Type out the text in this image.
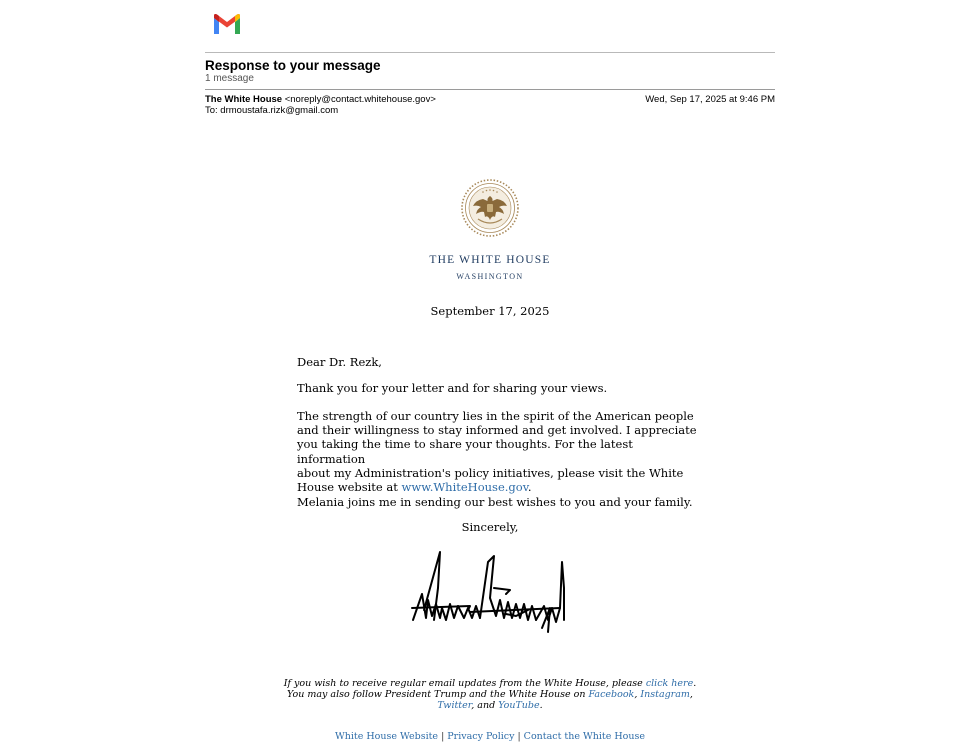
Response to your message
1 message
The White House <noreply@contact.whitehouse.gov>	Wed, Sep 17, 2025 at 9:46 PM
To: drmoustafa.rizk@gmail.com
THE WHITE HOUSE
WASHINGTON
September 17, 2025
Dear Dr. Rezk,
Thank you for your letter and for sharing your views.
The strength of our country lies in the spirit of the American people
and their willingness to stay informed and get involved. I appreciate
you taking the time to share your thoughts. For the latest information
about my Administration's policy initiatives, please visit the White
House website at www.WhiteHouse.gov.
Melania joins me in sending our best wishes to you and your family.
Sincerely,
If you wish to receive regular email updates from the White House, please click here.
You may also follow President Trump and the White House on Facebook, Instagram,
Twitter, and YouTube.
White House Website | Privacy Policy | Contact the White House
